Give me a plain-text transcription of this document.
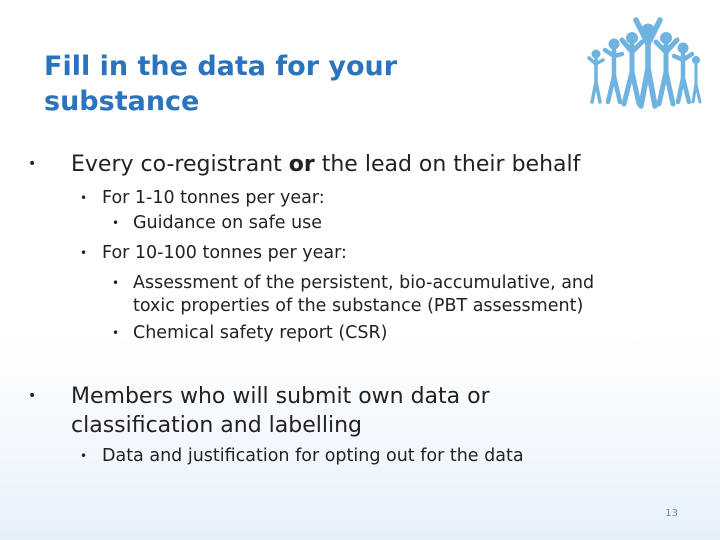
Fill in the data for your
substance
• Every co-registrant or the lead on their behalf
• For 1-10 tonnes per year:
• Guidance on safe use
• For 10-100 tonnes per year:
• Assessment of the persistent, bio-accumulative, and
toxic properties of the substance (PBT assessment)
• Chemical safety report (CSR)
• Members who will submit own data or
classification and labelling
• Data and justification for opting out for the data
13
